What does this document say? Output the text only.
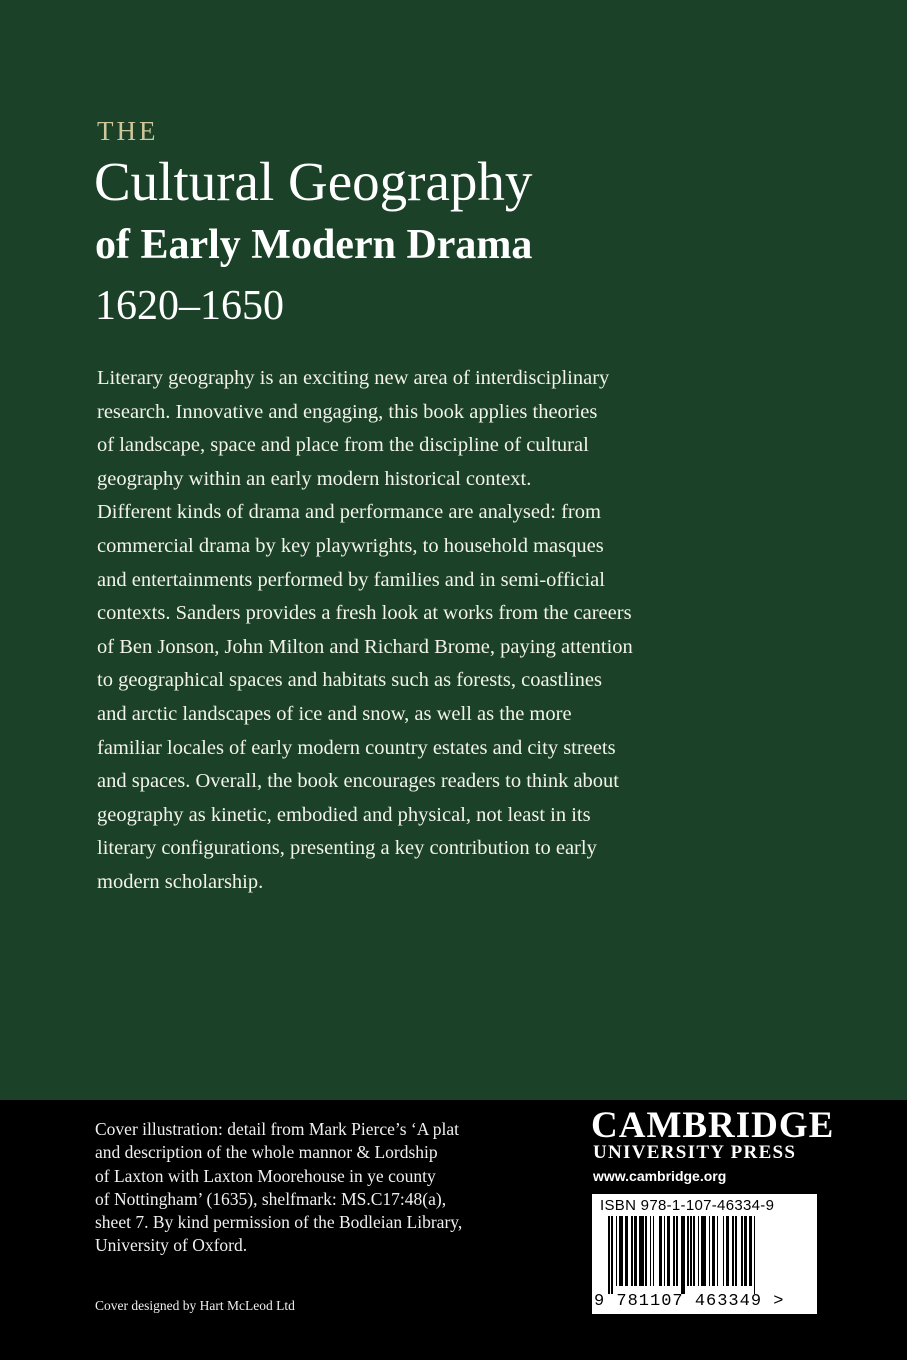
THE
Cultural Geography
of Early Modern Drama
1620–1650

Literary geography is an exciting new area of interdisciplinary
research. Innovative and engaging, this book applies theories
of landscape, space and place from the discipline of cultural
geography within an early modern historical context.
Different kinds of drama and performance are analysed: from
commercial drama by key playwrights, to household masques
and entertainments performed by families and in semi-official
contexts. Sanders provides a fresh look at works from the careers
of Ben Jonson, John Milton and Richard Brome, paying attention
to geographical spaces and habitats such as forests, coastlines
and arctic landscapes of ice and snow, as well as the more
familiar locales of early modern country estates and city streets
and spaces. Overall, the book encourages readers to think about
geography as kinetic, embodied and physical, not least in its
literary configurations, presenting a key contribution to early
modern scholarship.

Cover illustration: detail from Mark Pierce’s ‘A plat
and description of the whole mannor & Lordship
of Laxton with Laxton Moorehouse in ye county
of Nottingham’ (1635), shelfmark: MS.C17:48(a),
sheet 7. By kind permission of the Bodleian Library,
University of Oxford.
Cover designed by Hart McLeod Ltd
CAMBRIDGE
UNIVERSITY PRESS
www.cambridge.org
ISBN 978-1-107-46334-9
9 781107 463349 >
